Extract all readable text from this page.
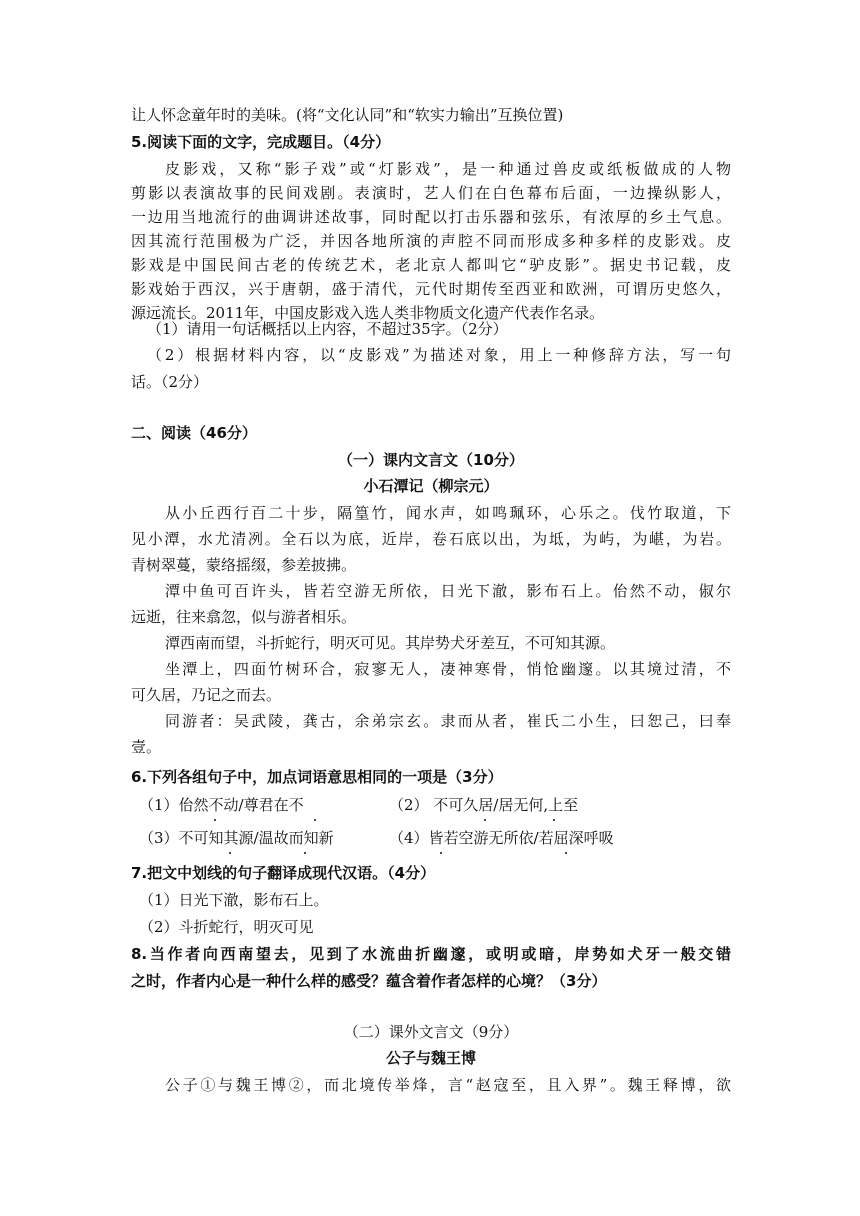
让人怀念童年时的美味。(将“文化认同”和“软实力输出”互换位置)
5.阅读下面的文字，完成题目。（4分）
皮影戏，又称“影子戏”或“灯影戏”，是一种通过兽皮或纸板做成的人物
剪影以表演故事的民间戏剧。表演时，艺人们在白色幕布后面，一边操纵影人，
一边用当地流行的曲调讲述故事，同时配以打击乐器和弦乐，有浓厚的乡土气息。
因其流行范围极为广泛，并因各地所演的声腔不同而形成多种多样的皮影戏。皮
影戏是中国民间古老的传统艺术，老北京人都叫它“驴皮影”。据史书记载，皮
影戏始于西汉，兴于唐朝，盛于清代，元代时期传至西亚和欧洲，可谓历史悠久，
源远流长。2011年，中国皮影戏入选人类非物质文化遗产代表作名录。
（1）请用一句话概括以上内容，不超过35字。（2分）
（2）根据材料内容，以“皮影戏”为描述对象，用上一种修辞方法，写一句
话。（2分）
二、阅读（46分）
（一）课内文言文（10分）
小石潭记（柳宗元）
从小丘西行百二十步，隔篁竹，闻水声，如鸣珮环，心乐之。伐竹取道，下
见小潭，水尤清冽。全石以为底，近岸，卷石底以出，为坻，为屿，为嵁，为岩。
青树翠蔓，蒙络摇缀，参差披拂。
潭中鱼可百许头，皆若空游无所依，日光下澈，影布石上。佁然不动，俶尔
远逝，往来翕忽，似与游者相乐。
潭西南而望，斗折蛇行，明灭可见。其岸势犬牙差互，不可知其源。
坐潭上，四面竹树环合，寂寥无人，凄神寒骨，悄怆幽邃。以其境过清，不
可久居，乃记之而去。
同游者：吴武陵，龚古，余弟宗玄。隶而从者，崔氏二小生，曰恕己，曰奉
壹。
6.下列各组句子中，加点词语意思相同的一项是（3分）
（1）佁然不动/尊君在不	（2） 不可久居/居无何,上至
（3）不可知其源/温故而知新	（4）皆若空游无所依/若屈深呼吸
7.把文中划线的句子翻译成现代汉语。（4分）
（1）日光下澈，影布石上。
（2）斗折蛇行，明灭可见
8.当作者向西南望去，见到了水流曲折幽邃，或明或暗，岸势如犬牙一般交错
之时，作者内心是一种什么样的感受？蕴含着作者怎样的心境？（3分）
（二）课外文言文（9分）
公子与魏王博
公子①与魏王博②，而北境传举烽，言“赵寇至，且入界”。魏王释博，欲
